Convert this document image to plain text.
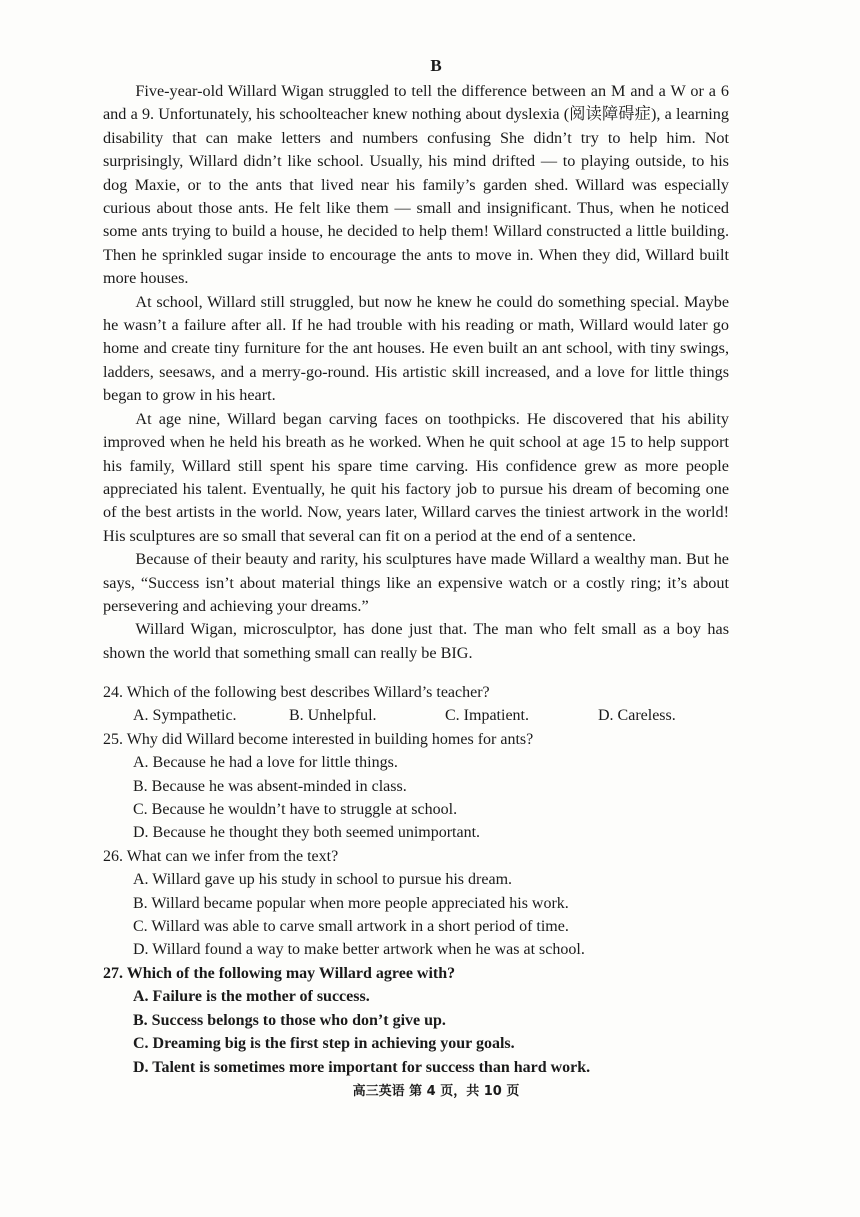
B

Five-year-old Willard Wigan struggled to tell the difference between an M and a W or a 6 and a 9. Unfortunately, his schoolteacher knew nothing about dyslexia (阅读障碍症), a learning disability that can make letters and numbers confusing She didn’t try to help him. Not surprisingly, Willard didn’t like school. Usually, his mind drifted — to playing outside, to his dog Maxie, or to the ants that lived near his family’s garden shed. Willard was especially curious about those ants. He felt like them — small and insignificant. Thus, when he noticed some ants trying to build a house, he decided to help them! Willard constructed a little building. Then he sprinkled sugar inside to encourage the ants to move in. When they did, Willard built more houses.

At school, Willard still struggled, but now he knew he could do something special. Maybe he wasn’t a failure after all. If he had trouble with his reading or math, Willard would later go home and create tiny furniture for the ant houses. He even built an ant school, with tiny swings, ladders, seesaws, and a merry-go-round. His artistic skill increased, and a love for little things began to grow in his heart.

At age nine, Willard began carving faces on toothpicks. He discovered that his ability improved when he held his breath as he worked. When he quit school at age 15 to help support his family, Willard still spent his spare time carving. His confidence grew as more people appreciated his talent. Eventually, he quit his factory job to pursue his dream of becoming one of the best artists in the world. Now, years later, Willard carves the tiniest artwork in the world! His sculptures are so small that several can fit on a period at the end of a sentence.

Because of their beauty and rarity, his sculptures have made Willard a wealthy man. But he says, “Success isn’t about material things like an expensive watch or a costly ring; it’s about persevering and achieving your dreams.”

Willard Wigan, microsculptor, has done just that. The man who felt small as a boy has shown the world that something small can really be BIG.

24. Which of the following best describes Willard’s teacher?

A. Sympathetic.	B. Unhelpful.	C. Impatient.	D. Careless.

25. Why did Willard become interested in building homes for ants?

A. Because he had a love for little things.

B. Because he was absent-minded in class.

C. Because he wouldn’t have to struggle at school.

D. Because he thought they both seemed unimportant.

26. What can we infer from the text?

A. Willard gave up his study in school to pursue his dream.

B. Willard became popular when more people appreciated his work.

C. Willard was able to carve small artwork in a short period of time.

D. Willard found a way to make better artwork when he was at school.

27. Which of the following may Willard agree with?

A. Failure is the mother of success.

B. Success belongs to those who don’t give up.

C. Dreaming big is the first step in achieving your goals.

D. Talent is sometimes more important for success than hard work.

高三英语 第 4 页，共 10 页
